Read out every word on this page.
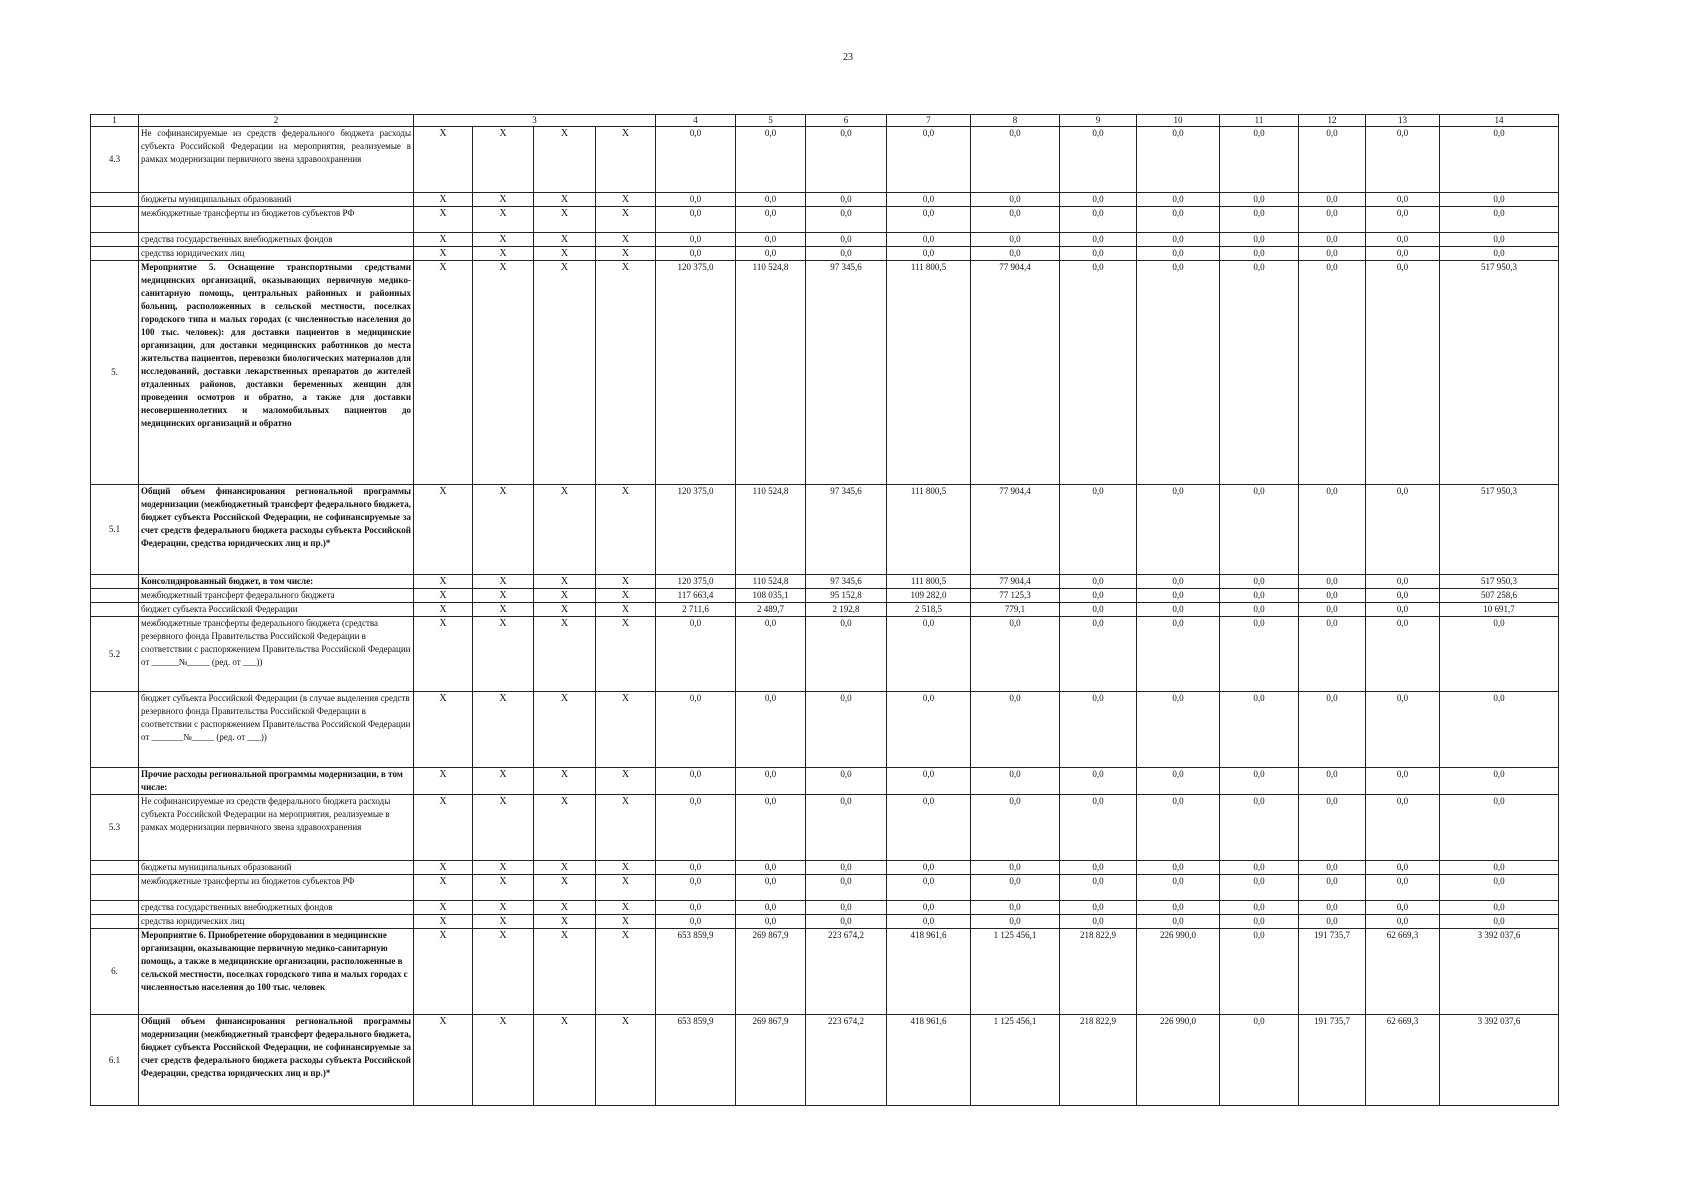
23
1	2	3				4	5	6	7	8	9	10	11	12	13	14
4.3	Не софинансируемые из средств федерального бюджета расходы субъекта Российской Федерации на мероприятия, реализуемые в рамках модернизации первичного звена здравоохранения	X	X	X	X	0,0	0,0	0,0	0,0	0,0	0,0	0,0	0,0	0,0	0,0	0,0
	бюджеты муниципальных образований	X	X	X	X	0,0	0,0	0,0	0,0	0,0	0,0	0,0	0,0	0,0	0,0	0,0
	межбюджетные трансферты из бюджетов субъектов РФ	X	X	X	X	0,0	0,0	0,0	0,0	0,0	0,0	0,0	0,0	0,0	0,0	0,0
	средства государственных внебюджетных фондов	X	X	X	X	0,0	0,0	0,0	0,0	0,0	0,0	0,0	0,0	0,0	0,0	0,0
	средства юридических лиц	X	X	X	X	0,0	0,0	0,0	0,0	0,0	0,0	0,0	0,0	0,0	0,0	0,0
5.	Мероприятие 5. Оснащение транспортными средствами медицинских организаций, оказывающих первичную медико-санитарную помощь, центральных районных и районных больниц, расположенных в сельской местности, поселках городского типа и малых городах (с численностью населения до 100 тыс. человек): для доставки пациентов в медицинские организации, для доставки медицинских работников до места жительства пациентов, перевозки биологических материалов для исследований, доставки лекарственных препаратов до жителей отдаленных районов, доставки беременных женщин для проведения осмотров и обратно, а также для доставки несовершеннолетних и маломобильных пациентов до медицинских организаций и обратно	X	X	X	X	120 375,0	110 524,8	97 345,6	111 800,5	77 904,4	0,0	0,0	0,0	0,0	0,0	517 950,3
5.1	Общий объем финансирования региональной программы модернизации (межбюджетный трансферт федерального бюджета, бюджет субъекта Российской Федерации, не софинансируемые за счет средств федерального бюджета расходы субъекта Российской Федерации, средства юридических лиц и пр.)*	X	X	X	X	120 375,0	110 524,8	97 345,6	111 800,5	77 904,4	0,0	0,0	0,0	0,0	0,0	517 950,3
	Консолидированный бюджет, в том числе:	X	X	X	X	120 375,0	110 524,8	97 345,6	111 800,5	77 904,4	0,0	0,0	0,0	0,0	0,0	517 950,3
	межбюджетный трансферт федерального бюджета	X	X	X	X	117 663,4	108 035,1	95 152,8	109 282,0	77 125,3	0,0	0,0	0,0	0,0	0,0	507 258,6
	бюджет субъекта Российской Федерации	X	X	X	X	2 711,6	2 489,7	2 192,8	2 518,5	779,1	0,0	0,0	0,0	0,0	0,0	10 691,7
5.2	межбюджетные трансферты федерального бюджета (средства резервного фонда Правительства Российской Федерации в соответствии с распоряжением Правительства Российской Федерации от ______№_____ (ред. от ___))	X	X	X	X	0,0	0,0	0,0	0,0	0,0	0,0	0,0	0,0	0,0	0,0	0,0
	бюджет субъекта Российской Федерации (в случае выделения средств резервного фонда Правительства Российской Федерации в соответствии с распоряжением Правительства Российской Федерации от _______№_____ (ред. от ___))	X	X	X	X	0,0	0,0	0,0	0,0	0,0	0,0	0,0	0,0	0,0	0,0	0,0
	Прочие расходы региональной программы модернизации, в том числе:	X	X	X	X	0,0	0,0	0,0	0,0	0,0	0,0	0,0	0,0	0,0	0,0	0,0
5.3	Не софинансируемые из средств федерального бюджета расходы субъекта Российской Федерации на мероприятия, реализуемые в рамках модернизации первичного звена здравоохранения	X	X	X	X	0,0	0,0	0,0	0,0	0,0	0,0	0,0	0,0	0,0	0,0	0,0
	бюджеты муниципальных образований	X	X	X	X	0,0	0,0	0,0	0,0	0,0	0,0	0,0	0,0	0,0	0,0	0,0
	межбюджетные трансферты из бюджетов субъектов РФ	X	X	X	X	0,0	0,0	0,0	0,0	0,0	0,0	0,0	0,0	0,0	0,0	0,0
	средства государственных внебюджетных фондов	X	X	X	X	0,0	0,0	0,0	0,0	0,0	0,0	0,0	0,0	0,0	0,0	0,0
	средства юридических лиц	X	X	X	X	0,0	0,0	0,0	0,0	0,0	0,0	0,0	0,0	0,0	0,0	0,0
6.	Мероприятие 6. Приобретение оборудования в медицинские организации, оказывающие первичную медико-санитарную помощь, а также в медицинские организации, расположенные в сельской местности, поселках городского типа и малых городах с численностью населения до 100 тыс. человек	X	X	X	X	653 859,9	269 867,9	223 674,2	418 961,6	1 125 456,1	218 822,9	226 990,0	0,0	191 735,7	62 669,3	3 392 037,6
6.1	Общий объем финансирования региональной программы модернизации (межбюджетный трансферт федерального бюджета, бюджет субъекта Российской Федерации, не софинансируемые за счет средств федерального бюджета расходы субъекта Российской Федерации, средства юридических лиц и пр.)*	X	X	X	X	653 859,9	269 867,9	223 674,2	418 961,6	1 125 456,1	218 822,9	226 990,0	0,0	191 735,7	62 669,3	3 392 037,6
